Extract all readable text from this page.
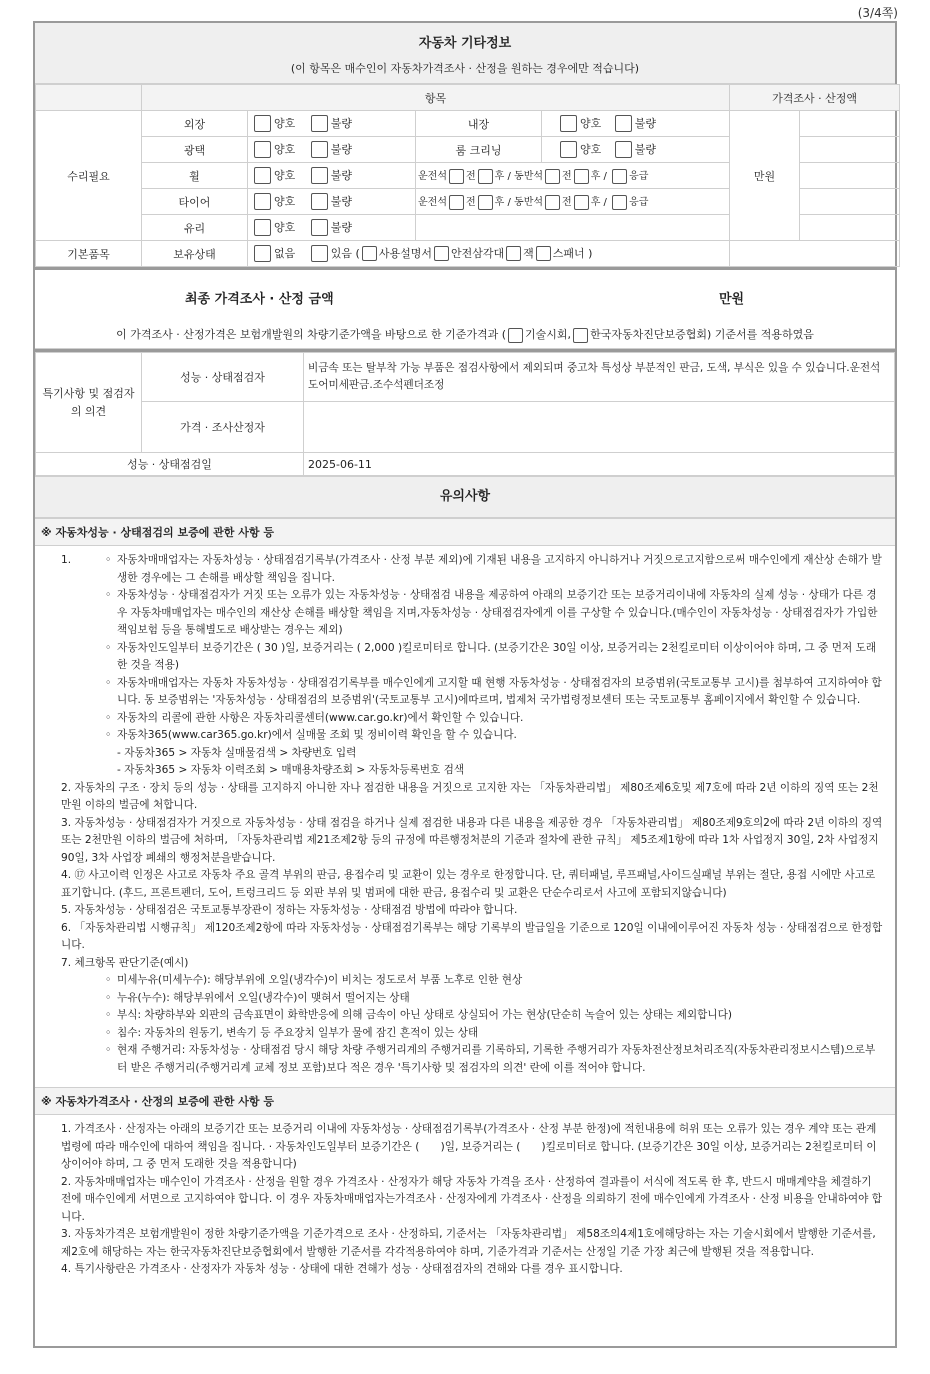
(3/4쪽)
자동차 기타정보
(이 항목은 매수인이 자동차가격조사 · 산정을 원하는 경우에만 적습니다)
	항목				가격조사 · 산정액	
수리필요	외장	양호 불량	내장	양호 불량	만원	
	광택	양호 불량	룸 크리닝	양호 불량		
	휠	양호 불량	운전석 전 후 / 동반석 전 후 / 응급			
	타이어	양호 불량	운전석 전 후 / 동반석 전 후 / 응급			
	유리	양호 불량				
기본품목	보유상태	없음 있음 ( 사용설명서 안전삼각대 잭 스패너 )				
최종 가격조사 · 산정 금액	만원
이 가격조사 · 산정가격은 보험개발원의 차량기준가액을 바탕으로 한 기준가격과 ( 기술시회, 한국자동차진단보증협회) 기준서를 적용하였음
특기사항 및 점검자의 의견	성능 · 상태점검자	비금속 또는 탈부착 가능 부품은 점검사항에서 제외되며 중고차 특성상 부분적인 판금, 도색, 부식은 있을 수 있습니다.운전석도어미세판금.조수석펜더조정
	가격 · 조사산정자	
성능 · 상태점검일		2025-06-11
유의사항
※ 자동차성능 · 상태점검의 보증에 관한 사항 등
1.	◦ 자동차매매업자는 자동차성능 · 상태점검기록부(가격조사 · 산정 부분 제외)에 기재된 내용을 고지하지 아니하거나 거짓으로고지함으로써 매수인에게 재산상 손해가 발생한 경우에는 그 손해를 배상할 책임을 집니다.
◦ 자동차성능 · 상태점검자가 거짓 또는 오류가 있는 자동차성능 · 상태점검 내용을 제공하여 아래의 보증기간 또는 보증거리이내에 자동차의 실제 성능 · 상태가 다른 경우 자동차매매업자는 매수인의 재산상 손해를 배상할 책임을 지며,자동차성능 · 상태점검자에게 이를 구상할 수 있습니다.(매수인이 자동차성능 · 상태점검자가 가입한 책임보험 등을 통해별도로 배상받는 경우는 제외)
◦ 자동차인도일부터 보증기간은 ( 30 )일, 보증거리는 ( 2,000 )킬로미터로 합니다. (보증기간은 30일 이상, 보증거리는 2천킬로미터 이상이어야 하며, 그 중 먼저 도래한 것을 적용)
◦ 자동차매매업자는 자동차 자동차성능 · 상태점검기록부를 매수인에게 고지할 때 현행 자동차성능 · 상태점검자의 보증범위(국토교통부 고시)를 첨부하여 고지하여야 합니다. 동 보증범위는 '자동차성능 · 상태점검의 보증범위'(국토교통부 고시)에따르며, 법제처 국가법령정보센터 또는 국토교통부 홈페이지에서 확인할 수 있습니다.
◦ 자동차의 리콜에 관한 사항은 자동차리콜센터(www.car.go.kr)에서 확인할 수 있습니다.
◦ 자동차365(www.car365.go.kr)에서 실매물 조회 및 정비이력 확인을 할 수 있습니다.
- 자동차365 > 자동차 실매물검색 > 차량번호 입력
- 자동차365 > 자동차 이력조회 > 매매용차량조회 > 자동차등록번호 검색
2. 자동차의 구조 · 장치 등의 성능 · 상태를 고지하지 아니한 자나 점검한 내용을 거짓으로 고지한 자는 「자동차관리법」 제80조제6호및 제7호에 따라 2년 이하의 징역 또는 2천만원 이하의 벌금에 처합니다.
3. 자동차성능 · 상태점검자가 거짓으로 자동차성능 · 상태 점검을 하거나 실제 점검한 내용과 다른 내용을 제공한 경우 「자동차관리법」 제80조제9호의2에 따라 2년 이하의 징역 또는 2천만원 이하의 벌금에 처하며, 「자동차관리법 제21조제2항 등의 규정에 따른행정처분의 기준과 절차에 관한 규칙」 제5조제1항에 따라 1차 사업정지 30일, 2차 사업정지 90일, 3차 사업장 폐쇄의 행정처분을받습니다.
4. ⑰ 사고이력 인정은 사고로 자동차 주요 골격 부위의 판금, 용접수리 및 교환이 있는 경우로 한정합니다. 단, 쿼터패널, 루프패널,사이드실패널 부위는 절단, 용접 시에만 사고로 표기합니다. (후드, 프론트펜더, 도어, 트렁크리드 등 외판 부위 및 범퍼에 대한 판금, 용접수리 및 교환은 단순수리로서 사고에 포함되지않습니다)
5. 자동차성능 · 상태점검은 국토교통부장관이 정하는 자동차성능 · 상태점검 방법에 따라야 합니다.
6. 「자동차관리법 시행규칙」 제120조제2항에 따라 자동차성능 · 상태점검기록부는 해당 기록부의 발급일을 기준으로 120일 이내에이루어진 자동차 성능 · 상태점검으로 한정합니다.
7. 체크항목 판단기준(예시)
◦ 미세누유(미세누수): 해당부위에 오일(냉각수)이 비치는 정도로서 부품 노후로 인한 현상
◦ 누유(누수): 해당부위에서 오일(냉각수)이 맺혀서 떨어지는 상태
◦ 부식: 차량하부와 외판의 금속표면이 화학반응에 의해 금속이 아닌 상태로 상실되어 가는 현상(단순히 녹슬어 있는 상태는 제외합니다)
◦ 침수: 자동차의 원동기, 변속기 등 주요장치 일부가 물에 잠긴 흔적이 있는 상태
◦ 현재 주행거리: 자동차성능 · 상태점검 당시 해당 차량 주행거리계의 주행거리를 기록하되, 기록한 주행거리가 자동차전산정보처리조직(자동차관리정보시스템)으로부터 받은 주행거리(주행거리계 교체 정보 포함)보다 적은 경우 '특기사항 및 점검자의 의견' 란에 이를 적어야 합니다.
※ 자동차가격조사 · 산정의 보증에 관한 사항 등
1. 가격조사 · 산정자는 아래의 보증기간 또는 보증거리 이내에 자동차성능 · 상태점검기록부(가격조사 · 산정 부분 한정)에 적힌내용에 허위 또는 오류가 있는 경우 계약 또는 관계법령에 따라 매수인에 대하여 책임을 집니다. · 자동차인도일부터 보증기간은 (　　)일, 보증거리는 (　　)킬로미터로 합니다. (보증기간은 30일 이상, 보증거리는 2천킬로미터 이상이어야 하며, 그 중 먼저 도래한 것을 적용합니다)
2. 자동차매매업자는 매수인이 가격조사 · 산정을 원할 경우 가격조사 · 산정자가 해당 자동차 가격을 조사 · 산정하여 결과를이 서식에 적도록 한 후, 반드시 매매계약을 체결하기 전에 매수인에게 서면으로 고지하여야 합니다. 이 경우 자동차매매업자는가격조사 · 산정자에게 가격조사 · 산정을 의뢰하기 전에 매수인에게 가격조사 · 산정 비용을 안내하여야 합니다.
3. 자동차가격은 보험개발원이 정한 차량기준가액을 기준가격으로 조사 · 산정하되, 기준서는 「자동차관리법」 제58조의4제1호에해당하는 자는 기술시회에서 발행한 기준서를, 제2호에 해당하는 자는 한국자동차진단보증협회에서 발행한 기준서를 각각적용하여야 하며, 기준가격과 기준서는 산정일 기준 가장 최근에 발행된 것을 적용합니다.
4. 특기사항란은 가격조사 · 산정자가 자동차 성능 · 상태에 대한 견해가 성능 · 상태점검자의 견해와 다를 경우 표시합니다.
